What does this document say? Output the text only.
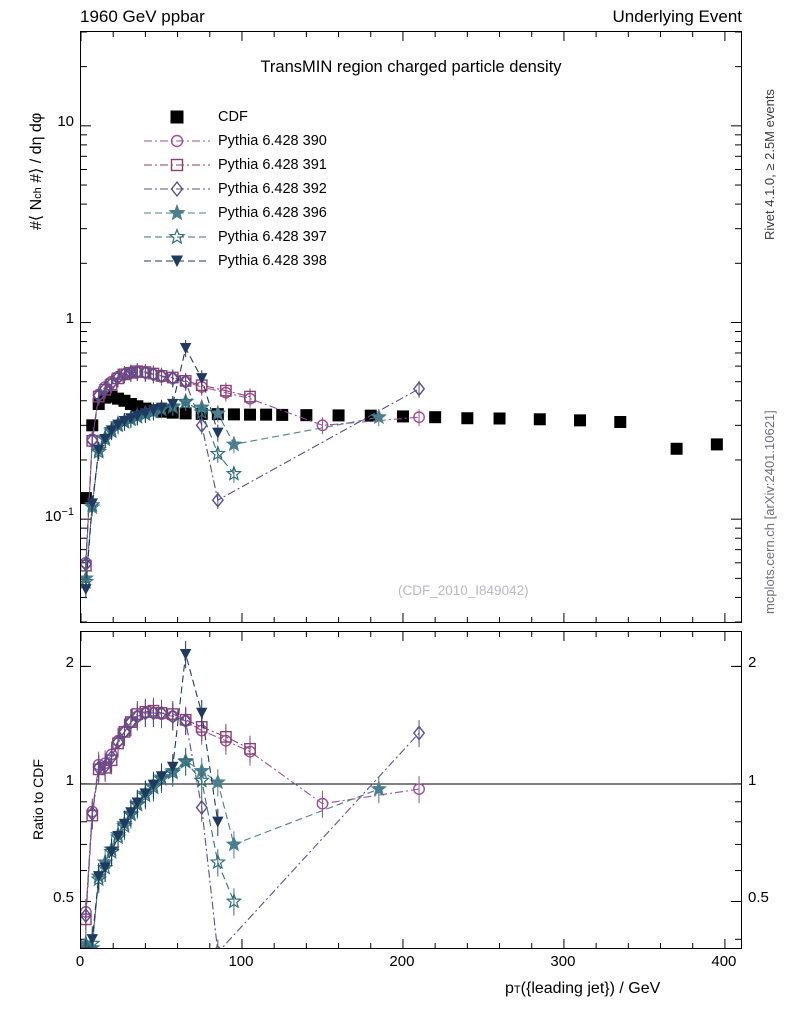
1960 GeV ppbar	Underlying Event
Rivet 4.1.0, ≥ 2.5M events
mcplots.cern.ch [arXiv:2401.10621]
TransMIN region charged particle density
(CDF_2010_I849042)
CDF
Pythia 6.428 390
Pythia 6.428 391
Pythia 6.428 392
Pythia 6.428 396
Pythia 6.428 397
Pythia 6.428 398
#⟨ Nch #⟩ / dη dφ
Ratio to CDF
pT({leading jet}) / GeV
0	100	200	300	400
$10^{-1}$
1
10
0.5	0.5
1	1
2	2
